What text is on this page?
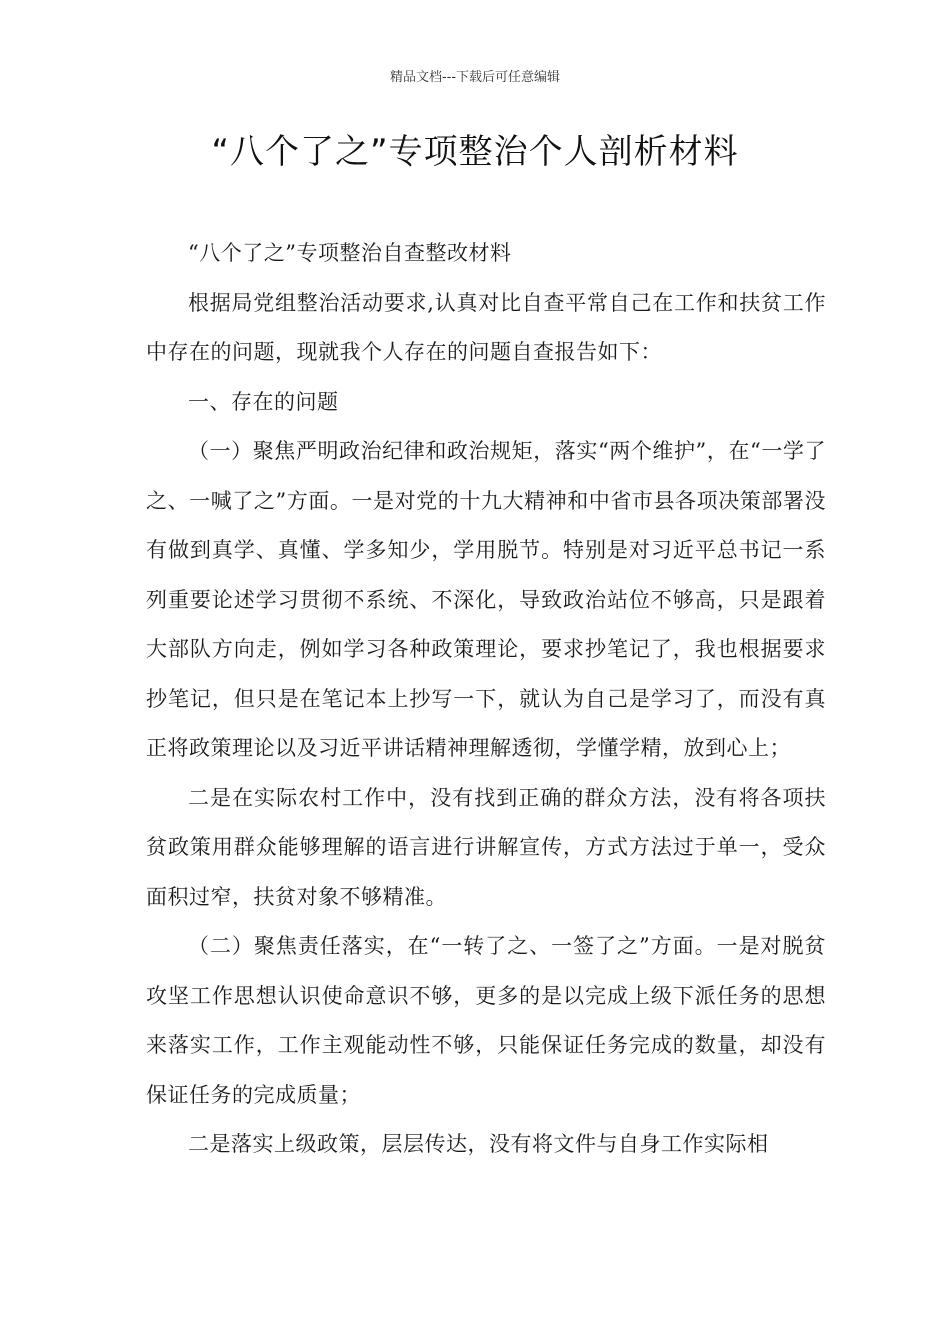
精品文档---下载后可任意编辑
“八个了之”专项整治个人剖析材料

“八个了之”专项整治自查整改材料

根据局党组整治活动要求,认真对比自查平常自己在工作和扶贫工作中存在的问题，现就我个人存在的问题自查报告如下：

一、存在的问题

（一）聚焦严明政治纪律和政治规矩，落实“两个维护”，在“一学了之、一喊了之”方面。一是对党的十九大精神和中省市县各项决策部署没有做到真学、真懂、学多知少，学用脱节。特别是对习近平总书记一系列重要论述学习贯彻不系统、不深化，导致政治站位不够高，只是跟着大部队方向走，例如学习各种政策理论，要求抄笔记了，我也根据要求抄笔记，但只是在笔记本上抄写一下，就认为自己是学习了，而没有真正将政策理论以及习近平讲话精神理解透彻，学懂学精，放到心上；

二是在实际农村工作中，没有找到正确的群众方法，没有将各项扶贫政策用群众能够理解的语言进行讲解宣传，方式方法过于单一，受众面积过窄，扶贫对象不够精准。

（二）聚焦责任落实，在“一转了之、一签了之”方面。一是对脱贫攻坚工作思想认识使命意识不够，更多的是以完成上级下派任务的思想来落实工作，工作主观能动性不够，只能保证任务完成的数量，却没有保证任务的完成质量；

二是落实上级政策，层层传达，没有将文件与自身工作实际相
